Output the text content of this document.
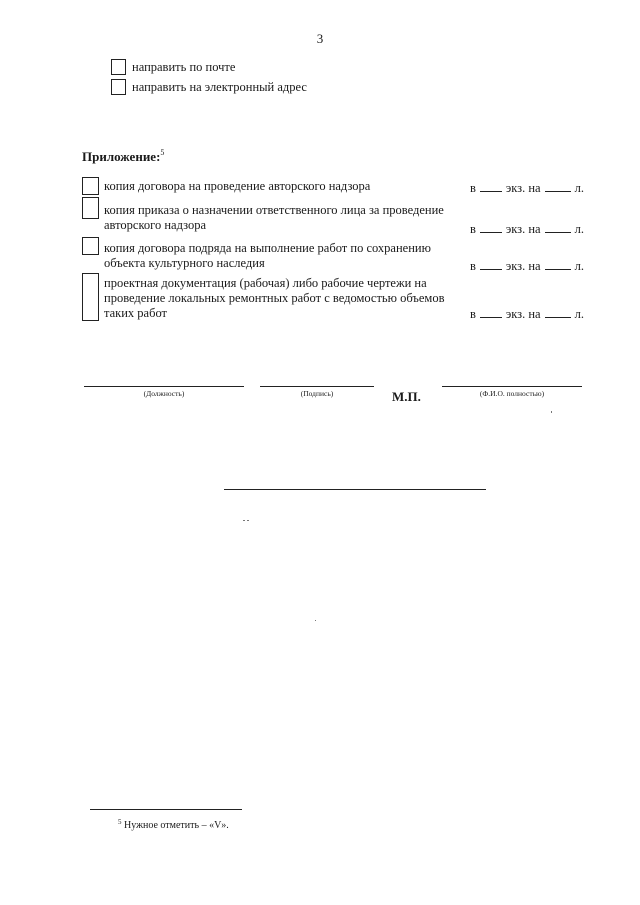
3
направить по почте
направить на электронный адрес
Приложение:$^5$
копия договора на проведение авторского надзора	в экз. на	л.
копия приказа о назначении ответственного лица за проведение
авторского надзора	в экз. на	л.
копия договора подряда на выполнение работ по сохранению
объекта культурного наследия	в экз. на	л.
проектная документация (рабочая) либо рабочие чертежи на
проведение локальных ремонтных работ с ведомостью объемов
таких работ	в экз. на	л.
(Должность)	(Подпись)	М.П.	(Ф.И.О. полностью)
$^5$ Нужное отметить – «V».
